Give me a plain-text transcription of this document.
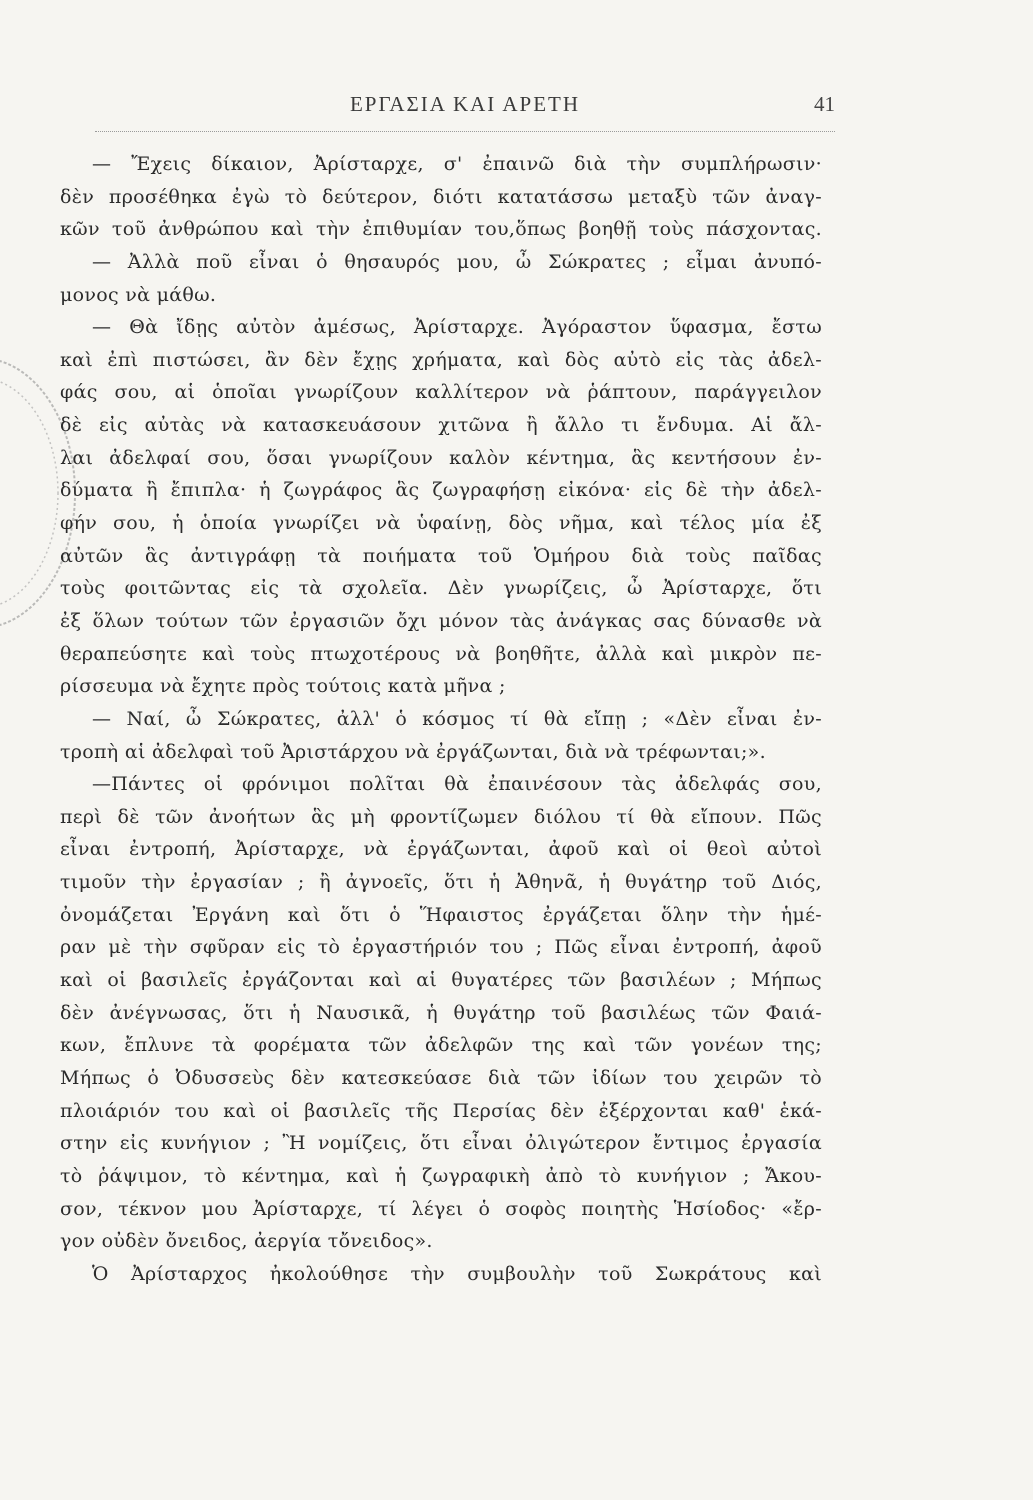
ΕΡΓΑΣΙΑ ΚΑΙ ΑΡΕΤΗ	41
— Ἔχεις δίκαιον, Ἀρίσταρχε, σ' ἐπαινῶ διὰ τὴν συμπλήρωσιν·
δὲν προσέθηκα ἐγὼ τὸ δεύτερον, διότι κατατάσσω μεταξὺ τῶν ἀναγ-
κῶν τοῦ ἀνθρώπου καὶ τὴν ἐπιθυμίαν του,ὅπως βοηθῇ τοὺς πάσχοντας.
— Ἀλλὰ ποῦ εἶναι ὁ θησαυρός μου, ὦ Σώκρατες ; εἶμαι ἀνυπό-
μονος νὰ μάθω.
— Θὰ ἴδῃς αὐτὸν ἀμέσως, Ἀρίσταρχε. Ἀγόραστον ὕφασμα, ἔστω
καὶ ἐπὶ πιστώσει, ἂν δὲν ἔχῃς χρήματα, καὶ δὸς αὐτὸ εἰς τὰς ἀδελ-
φάς σου, αἱ ὁποῖαι γνωρίζουν καλλίτερον νὰ ῥάπτουν, παράγγειλον
δὲ εἰς αὐτὰς νὰ κατασκευάσουν χιτῶνα ἢ ἄλλο τι ἔνδυμα. Αἱ ἄλ-
λαι ἀδελφαί σου, ὅσαι γνωρίζουν καλὸν κέντημα, ἃς κεντήσουν ἐν-
δύματα ἢ ἔπιπλα· ἡ ζωγράφος ἃς ζωγραφήσῃ εἰκόνα· εἰς δὲ τὴν ἀδελ-
φήν σου, ἡ ὁποία γνωρίζει νὰ ὑφαίνῃ, δὸς νῆμα, καὶ τέλος μία ἐξ
αὐτῶν ἃς ἀντιγράφῃ τὰ ποιήματα τοῦ Ὁμήρου διὰ τοὺς παῖδας
τοὺς φοιτῶντας εἰς τὰ σχολεῖα. Δὲν γνωρίζεις, ὦ Ἀρίσταρχε, ὅτι
ἐξ ὅλων τούτων τῶν ἐργασιῶν ὄχι μόνον τὰς ἀνάγκας σας δύνασθε νὰ
θεραπεύσητε καὶ τοὺς πτωχοτέρους νὰ βοηθῆτε, ἀλλὰ καὶ μικρὸν πε-
ρίσσευμα νὰ ἔχητε πρὸς τούτοις κατὰ μῆνα ;
— Ναί, ὦ Σώκρατες, ἀλλ' ὁ κόσμος τί θὰ εἴπῃ ; «Δὲν εἶναι ἐν-
τροπὴ αἱ ἀδελφαὶ τοῦ Ἀριστάρχου νὰ ἐργάζωνται, διὰ νὰ τρέφωνται;».
—Πάντες οἱ φρόνιμοι πολῖται θὰ ἐπαινέσουν τὰς ἀδελφάς σου,
περὶ δὲ τῶν ἀνοήτων ἃς μὴ φροντίζωμεν διόλου τί θὰ εἴπουν. Πῶς
εἶναι ἐντροπή, Ἀρίσταρχε, νὰ ἐργάζωνται, ἀφοῦ καὶ οἱ θεοὶ αὐτοὶ
τιμοῦν τὴν ἐργασίαν ; ἢ ἀγνοεῖς, ὅτι ἡ Ἀθηνᾶ, ἡ θυγάτηρ τοῦ Διός,
ὀνομάζεται Ἐργάνη καὶ ὅτι ὁ Ἥφαιστος ἐργάζεται ὅλην τὴν ἡμέ-
ραν μὲ τὴν σφῦραν εἰς τὸ ἐργαστήριόν του ; Πῶς εἶναι ἐντροπή, ἀφοῦ
καὶ οἱ βασιλεῖς ἐργάζονται καὶ αἱ θυγατέρες τῶν βασιλέων ; Μήπως
δὲν ἀνέγνωσας, ὅτι ἡ Ναυσικᾶ, ἡ θυγάτηρ τοῦ βασιλέως τῶν Φαιά-
κων, ἔπλυνε τὰ φορέματα τῶν ἀδελφῶν της καὶ τῶν γονέων της;
Μήπως ὁ Ὀδυσσεὺς δὲν κατεσκεύασε διὰ τῶν ἰδίων του χειρῶν τὸ
πλοιάριόν του καὶ οἱ βασιλεῖς τῆς Περσίας δὲν ἐξέρχονται καθ' ἑκά-
στην εἰς κυνήγιον ; Ἢ νομίζεις, ὅτι εἶναι ὀλιγώτερον ἔντιμος ἐργασία
τὸ ῥάψιμον, τὸ κέντημα, καὶ ἡ ζωγραφικὴ ἀπὸ τὸ κυνήγιον ; Ἄκου-
σον, τέκνον μου Ἀρίσταρχε, τί λέγει ὁ σοφὸς ποιητὴς Ἡσίοδος· «ἔρ-
γον οὐδὲν ὄνειδος, ἀεργία τὄνειδος».
Ὁ Ἀρίσταρχος ἠκολούθησε τὴν συμβουλὴν τοῦ Σωκράτους καὶ
